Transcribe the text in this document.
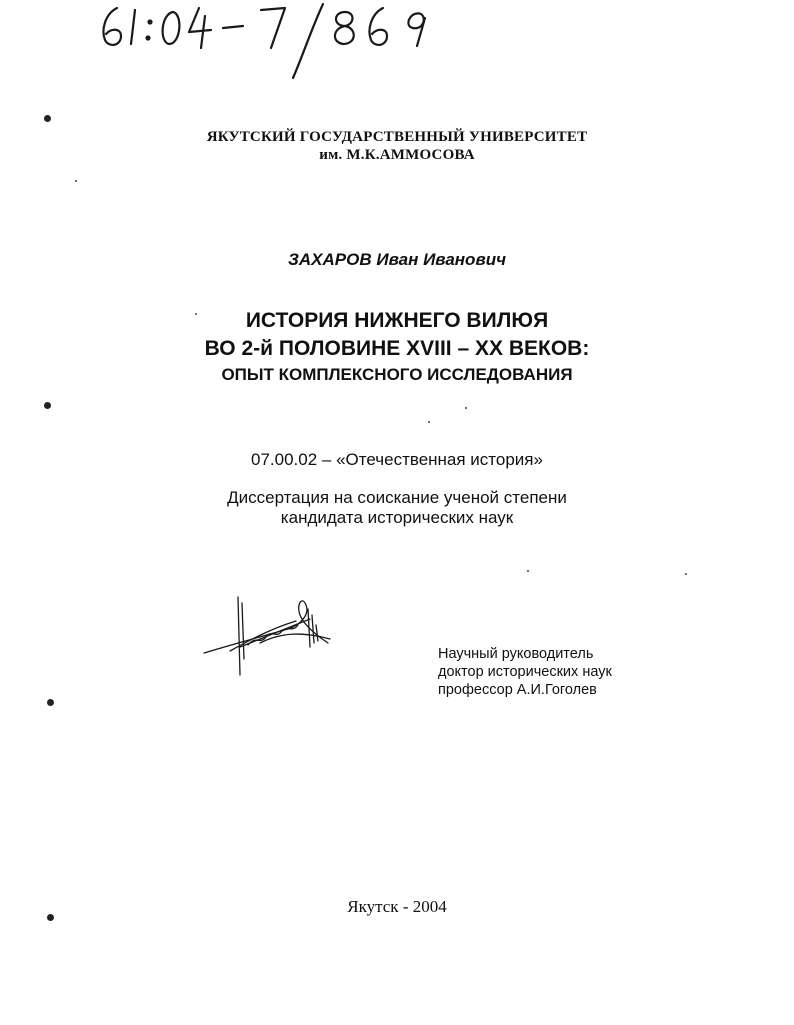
61:04-7/869
ЯКУТСКИЙ ГОСУДАРСТВЕННЫЙ УНИВЕРСИТЕТ
им. М.К.АММОСОВА
ЗАХАРОВ Иван Иванович
ИСТОРИЯ НИЖНЕГО ВИЛЮЯ
ВО 2-й ПОЛОВИНЕ XVIII – XX ВЕКОВ:
ОПЫТ КОМПЛЕКСНОГО ИССЛЕДОВАНИЯ
07.00.02 – «Отечественная история»
Диссертация на соискание ученой степени
кандидата исторических наук
Научный руководитель
доктор исторических наук
профессор А.И.Гоголев
Якутск - 2004
